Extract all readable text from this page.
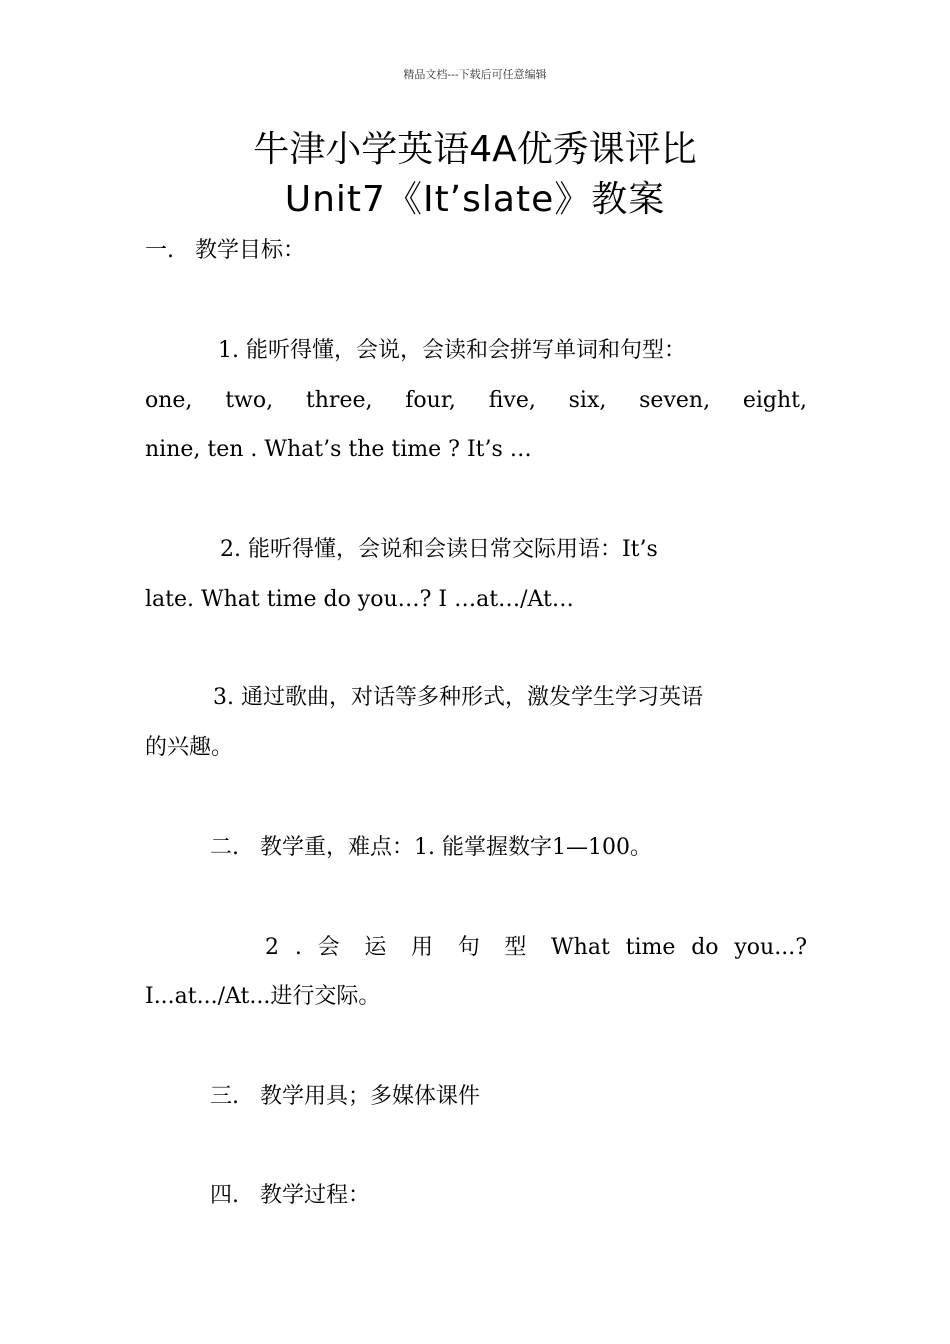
精品文档---下载后可任意编辑
牛津小学英语4A优秀课评比
Unit7《It’slate》教案
一.   教学目标：
1. 能听得懂，会说，会读和会拼写单词和句型：
one, two, three, four, five, six, seven, eight,
nine, ten . What’s the time ? It’s …
2. 能听得懂，会说和会读日常交际用语：It’s
late. What time do you…? I …at…/At…
3. 通过歌曲，对话等多种形式，激发学生学习英语
的兴趣。
二.   教学重，难点：1. 能掌握数字1—100。
2 . 会 运 用 句 型 What time do you...?
I...at.../At...进行交际。
三.   教学用具；多媒体课件
四.   教学过程：
